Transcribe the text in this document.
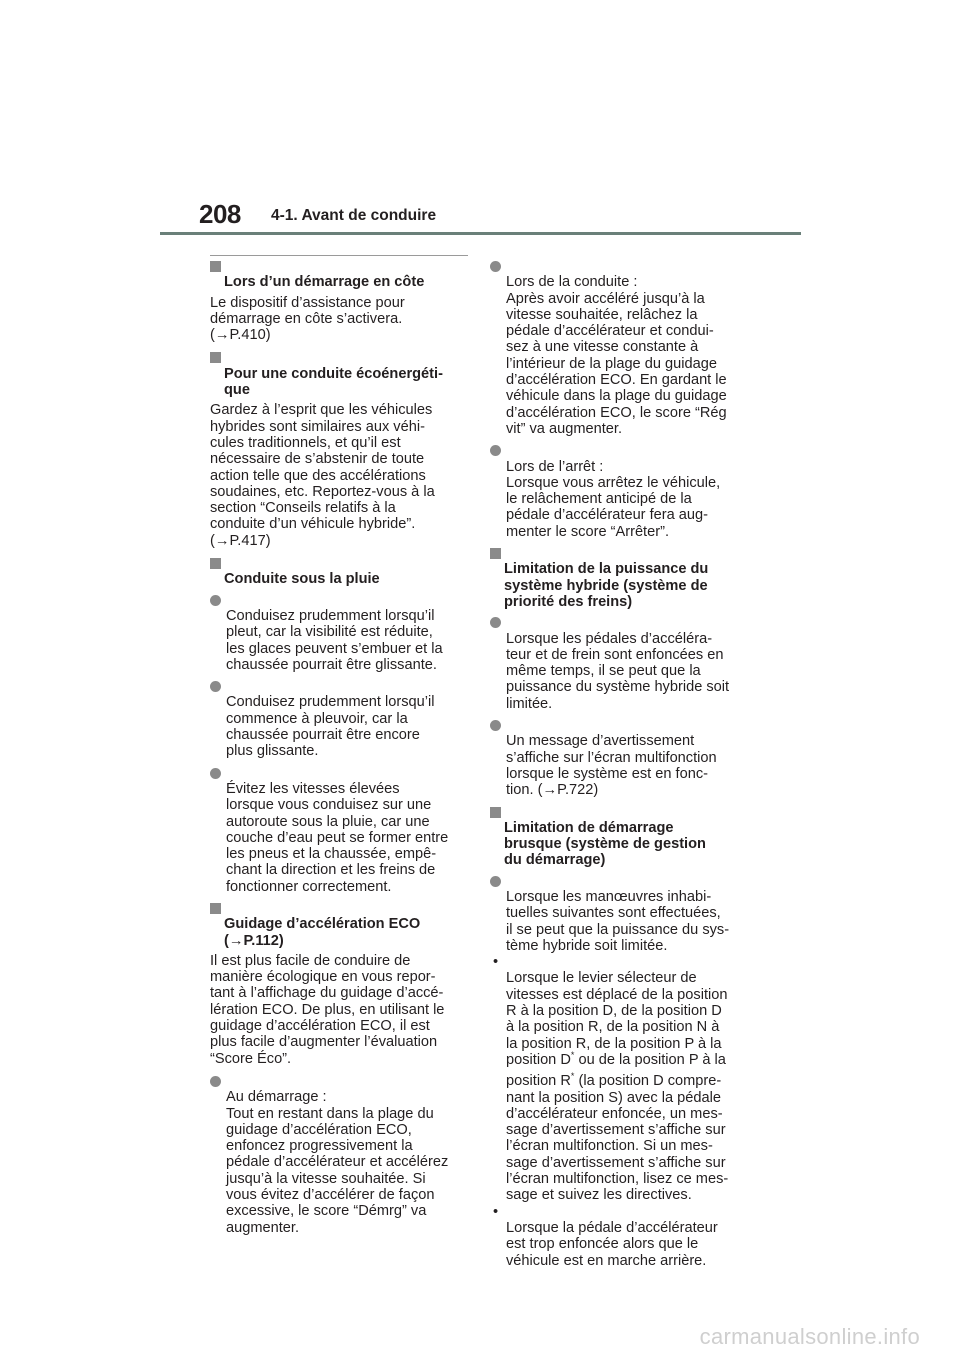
208 4-1. Avant de conduire

Lors d’un démarrage en côte

Le dispositif d’assistance pour
démarrage en côte s’activera.
(→P.410)

Pour une conduite écoénergéti-
que

Gardez à l’esprit que les véhicules
hybrides sont similaires aux véhi-
cules traditionnels, et qu’il est
nécessaire de s’abstenir de toute
action telle que des accélérations
soudaines, etc. Reportez-vous à la
section “Conseils relatifs à la
conduite d’un véhicule hybride”.
(→P.417)

Conduite sous la pluie

Conduisez prudemment lorsqu’il
pleut, car la visibilité est réduite,
les glaces peuvent s’embuer et la
chaussée pourrait être glissante.

Conduisez prudemment lorsqu’il
commence à pleuvoir, car la
chaussée pourrait être encore
plus glissante.

Évitez les vitesses élevées
lorsque vous conduisez sur une
autoroute sous la pluie, car une
couche d’eau peut se former entre
les pneus et la chaussée, empê-
chant la direction et les freins de
fonctionner correctement.

Guidage d’accélération ECO
(→P.112)

Il est plus facile de conduire de
manière écologique en vous repor-
tant à l’affichage du guidage d’accé-
lération ECO. De plus, en utilisant le
guidage d’accélération ECO, il est
plus facile d’augmenter l’évaluation
“Score Éco”.

Au démarrage :
Tout en restant dans la plage du
guidage d’accélération ECO,
enfoncez progressivement la
pédale d’accélérateur et accélérez
jusqu’à la vitesse souhaitée. Si
vous évitez d’accélérer de façon
excessive, le score “Démrg” va
augmenter.

Lors de la conduite :
Après avoir accéléré jusqu’à la
vitesse souhaitée, relâchez la
pédale d’accélérateur et condui-
sez à une vitesse constante à
l’intérieur de la plage du guidage
d’accélération ECO. En gardant le
véhicule dans la plage du guidage
d’accélération ECO, le score “Rég
vit” va augmenter.

Lors de l’arrêt :
Lorsque vous arrêtez le véhicule,
le relâchement anticipé de la
pédale d’accélérateur fera aug-
menter le score “Arrêter”.

Limitation de la puissance du
système hybride (système de
priorité des freins)

Lorsque les pédales d’accéléra-
teur et de frein sont enfoncées en
même temps, il se peut que la
puissance du système hybride soit
limitée.

Un message d’avertissement
s’affiche sur l’écran multifonction
lorsque le système est en fonc-
tion. (→P.722)

Limitation de démarrage
brusque (système de gestion
du démarrage)

Lorsque les manœuvres inhabi-
tuelles suivantes sont effectuées,
il se peut que la puissance du sys-
tème hybride soit limitée.

•
Lorsque le levier sélecteur de
vitesses est déplacé de la position
R à la position D, de la position D
à la position R, de la position N à
la position R, de la position P à la
position D* ou de la position P à la

position R* (la position D compre-
nant la position S) avec la pédale
d’accélérateur enfoncée, un mes-
sage d’avertissement s’affiche sur
l’écran multifonction. Si un mes-
sage d’avertissement s’affiche sur
l’écran multifonction, lisez ce mes-
sage et suivez les directives.

•
Lorsque la pédale d’accélérateur
est trop enfoncée alors que le
véhicule est en marche arrière.

carmanualsonline.info
